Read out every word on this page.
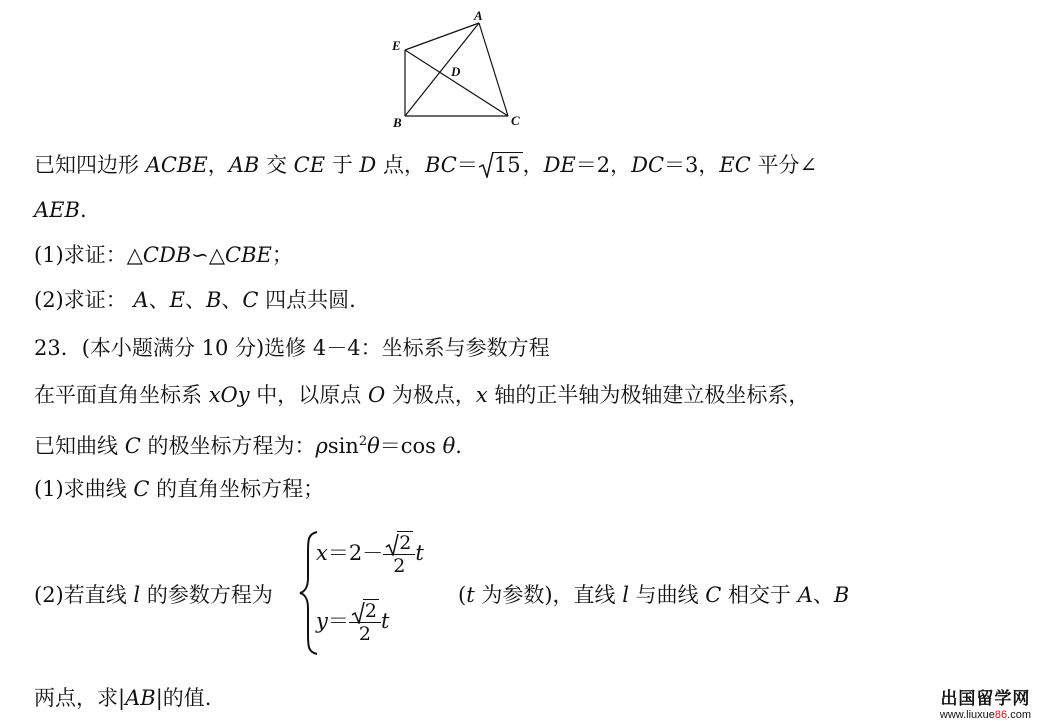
A
E
D
B	C
已知四边形 ACBE，AB 交 CE 于 D 点，BC＝ 15，DE＝2，DC＝3，EC 平分∠
AEB.
(1)求证：△CDB∽△CBE；
(2)求证： A、E、B、C 四点共圆.
23．(本小题满分 10 分)选修 4－4：坐标系与参数方程
在平面直角坐标系 xOy 中，以原点 O 为极点，x 轴的正半轴为极轴建立极坐标系，
已知曲线 C 的极坐标方程为：ρsin$^2$θ＝cos θ.
(1)求曲线 C 的直角坐标方程；
(2)若直线 l 的参数方程为
$x=2- \frac{2}{2}$ t
$y= \frac{2}{2}$ t
(t 为参数)，直线 l 与曲线 C 相交于 A、B
两点，求|AB|的值.	出国留学网
www.liuxue86.com
